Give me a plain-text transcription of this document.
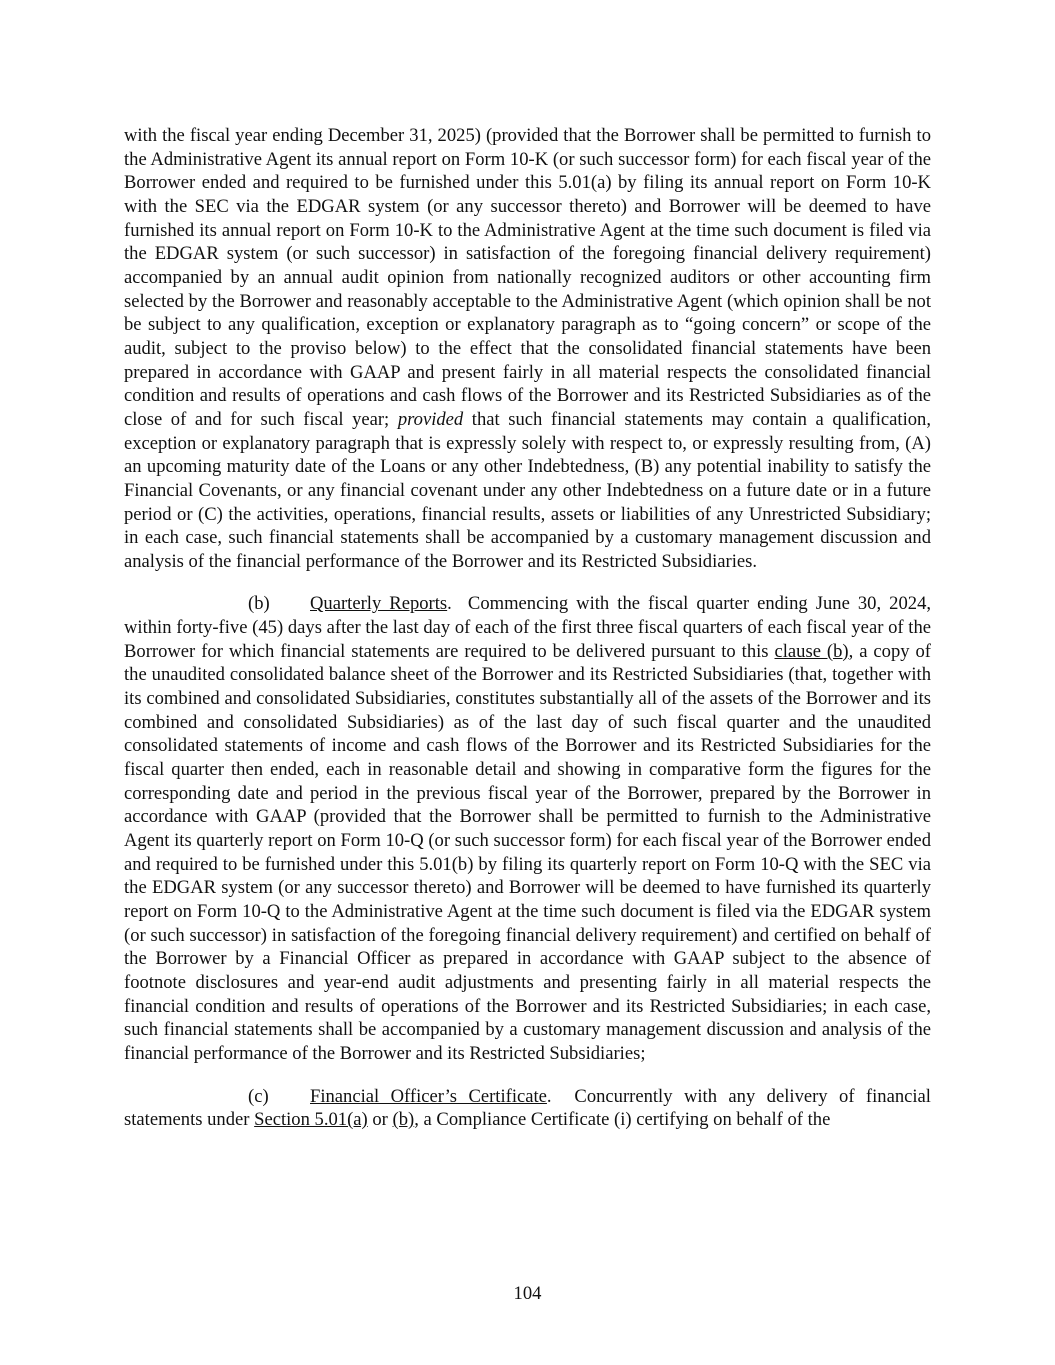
with the fiscal year ending December 31, 2025) (provided that the Borrower shall be permitted to furnish to the Administrative Agent its annual report on Form 10-K (or such successor form) for each fiscal year of the Borrower ended and required to be furnished under this 5.01(a) by filing its annual report on Form 10-K with the SEC via the EDGAR system (or any successor thereto) and Borrower will be deemed to have furnished its annual report on Form 10-K to the Administrative Agent at the time such document is filed via the EDGAR system (or such successor) in satisfaction of the foregoing financial delivery requirement) accompanied by an annual audit opinion from nationally recognized auditors or other accounting firm selected by the Borrower and reasonably acceptable to the Administrative Agent (which opinion shall be not be subject to any qualification, exception or explanatory paragraph as to “going concern” or scope of the audit, subject to the proviso below) to the effect that the consolidated financial statements have been prepared in accordance with GAAP and present fairly in all material respects the consolidated financial condition and results of operations and cash flows of the Borrower and its Restricted Subsidiaries as of the close of and for such fiscal year; provided that such financial statements may contain a qualification, exception or explanatory paragraph that is expressly solely with respect to, or expressly resulting from, (A) an upcoming maturity date of the Loans or any other Indebtedness, (B) any potential inability to satisfy the Financial Covenants, or any financial covenant under any other Indebtedness on a future date or in a future period or (C) the activities, operations, financial results, assets or liabilities of any Unrestricted Subsidiary; in each case, such financial statements shall be accompanied by a customary management discussion and analysis of the financial performance of the Borrower and its Restricted Subsidiaries.

(b) Quarterly Reports.  Commencing with the fiscal quarter ending June 30, 2024, within forty-five (45) days after the last day of each of the first three fiscal quarters of each fiscal year of the Borrower for which financial statements are required to be delivered pursuant to this clause (b), a copy of the unaudited consolidated balance sheet of the Borrower and its Restricted Subsidiaries (that, together with its combined and consolidated Subsidiaries, constitutes substantially all of the assets of the Borrower and its combined and consolidated Subsidiaries) as of the last day of such fiscal quarter and the unaudited consolidated statements of income and cash flows of the Borrower and its Restricted Subsidiaries for the fiscal quarter then ended, each in reasonable detail and showing in comparative form the figures for the corresponding date and period in the previous fiscal year of the Borrower, prepared by the Borrower in accordance with GAAP (provided that the Borrower shall be permitted to furnish to the Administrative Agent its quarterly report on Form 10-Q (or such successor form) for each fiscal year of the Borrower ended and required to be furnished under this 5.01(b) by filing its quarterly report on Form 10-Q with the SEC via the EDGAR system (or any successor thereto) and Borrower will be deemed to have furnished its quarterly report on Form 10-Q to the Administrative Agent at the time such document is filed via the EDGAR system (or such successor) in satisfaction of the foregoing financial delivery requirement) and certified on behalf of the Borrower by a Financial Officer as prepared in accordance with GAAP subject to the absence of footnote disclosures and year-end audit adjustments and presenting fairly in all material respects the financial condition and results of operations of the Borrower and its Restricted Subsidiaries; in each case, such financial statements shall be accompanied by a customary management discussion and analysis of the financial performance of the Borrower and its Restricted Subsidiaries;

(c) Financial Officer’s Certificate.  Concurrently with any delivery of financial statements under Section 5.01(a) or (b), a Compliance Certificate (i) certifying on behalf of the

104
